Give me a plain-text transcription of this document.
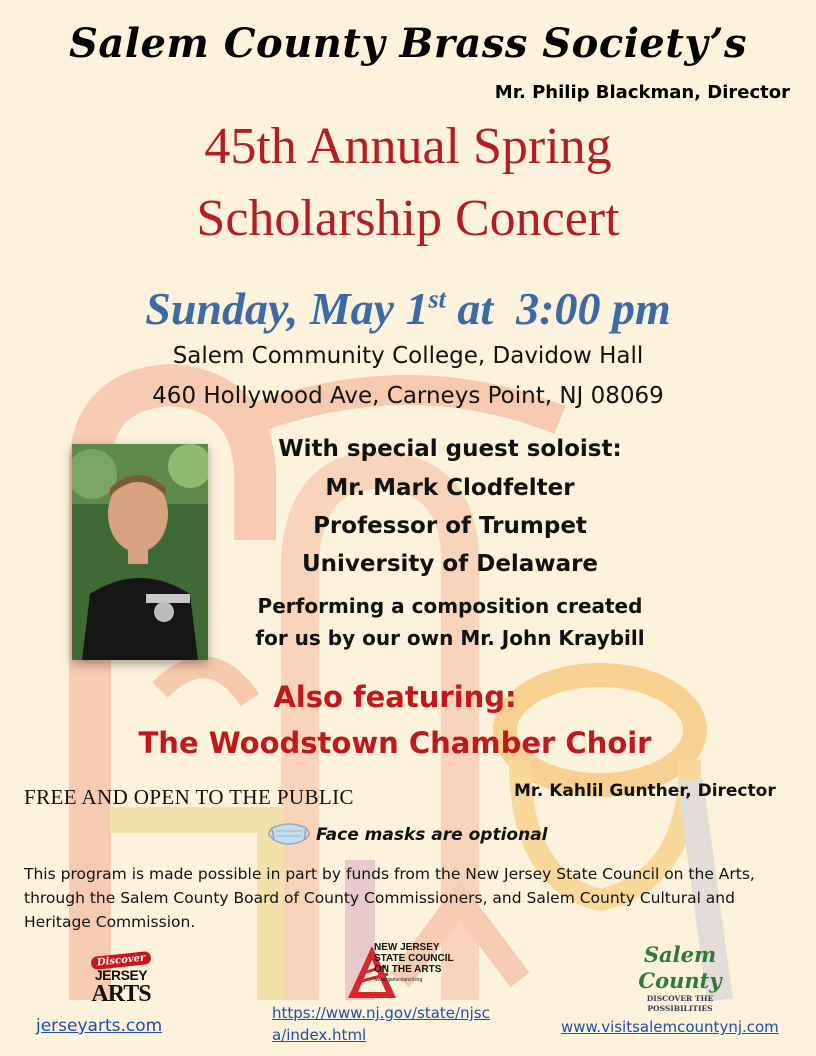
Salem County Brass Society’s
Mr. Philip Blackman, Director
45th Annual Spring
Scholarship Concert
Sunday, May 1st at  3:00 pm
Salem Community College, Davidow Hall
460 Hollywood Ave, Carneys Point, NJ 08069
With special guest soloist:
Mr. Mark Clodfelter
Professor of Trumpet
University of Delaware
Performing a composition created
for us by our own Mr. John Kraybill
Also featuring:
The Woodstown Chamber Choir
FREE AND OPEN TO THE PUBLIC	Mr. Kahlil Gunther, Director
Face masks are optional
This program is made possible in part by funds from the New Jersey State Council on the Arts, through the Salem County Board of County Commissioners, and Salem County Cultural and Heritage Commission.
Discover
JERSEY
ARTS
NEW JERSEY
STATE COUNCIL
ON THE ARTS
www.njartscouncil.org
Salem County
DISCOVER THE
POSSIBILITIES
jerseyarts.com
https://www.nj.gov/state/njsc
a/index.html	www.visitsalemcountynj.com
